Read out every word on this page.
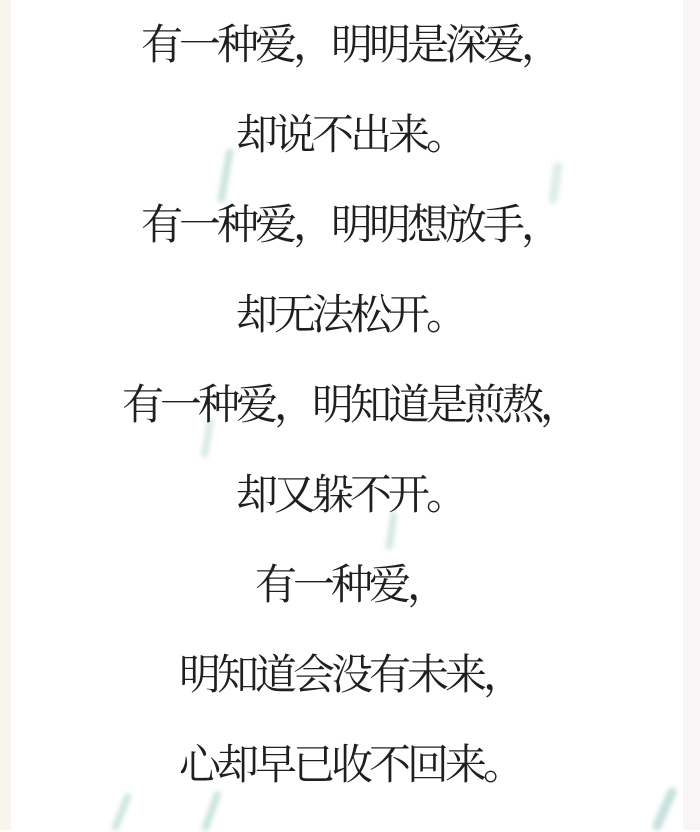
有一种爱，明明是深爱，

却说不出来。

有一种爱，明明想放手，

却无法松开。

有一种爱，明知道是煎熬，

却又躲不开。

有一种爱，

明知道会没有未来，

心却早已收不回来。
